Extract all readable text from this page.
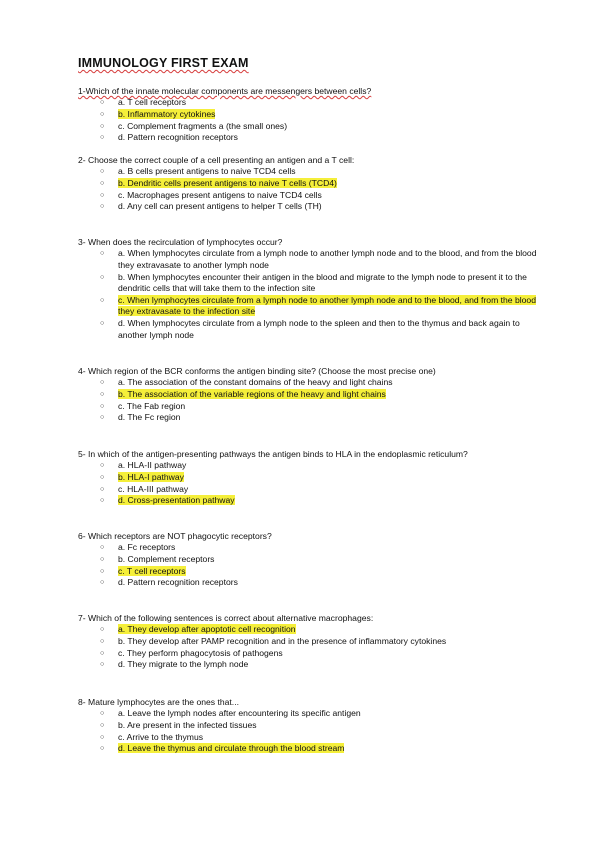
IMMUNOLOGY FIRST EXAM

1-Which of the innate molecular components are messengers between cells?

○ a. T cell receptors
○ b. Inflammatory cytokines
○ c. Complement fragments a (the small ones)
○ d. Pattern recognition receptors

2- Choose the correct couple of a cell presenting an antigen and a T cell:

○ a. B cells present antigens to naive TCD4 cells
○ b. Dendritic cells present antigens to naive T cells (TCD4)
○ c. Macrophages present antigens to naive TCD4 cells
○ d. Any cell can present antigens to helper T cells (TH)

3- When does the recirculation of lymphocytes occur?

○ a. When lymphocytes circulate from a lymph node to another lymph node and to the blood, and from the blood they extravasate to another lymph node
○ b. When lymphocytes encounter their antigen in the blood and migrate to the lymph node to present it to the dendritic cells that will take them to the infection site
○ c. When lymphocytes circulate from a lymph node to another lymph node and to the blood, and from the blood they extravasate to the infection site
○ d. When lymphocytes circulate from a lymph node to the spleen and then to the thymus and back again to another lymph node

4- Which region of the BCR conforms the antigen binding site? (Choose the most precise one)

○ a. The association of the constant domains of the heavy and light chains
○ b. The association of the variable regions of the heavy and light chains
○ c. The Fab region
○ d. The Fc region

5- In which of the antigen-presenting pathways the antigen binds to HLA in the endoplasmic reticulum?

○ a. HLA-II pathway
○ b. HLA-I pathway
○ c. HLA-III pathway
○ d. Cross-presentation pathway

6- Which receptors are NOT phagocytic receptors?

○ a. Fc receptors
○ b. Complement receptors
○ c. T cell receptors
○ d. Pattern recognition receptors

7- Which of the following sentences is correct about alternative macrophages:

○ a. They develop after apoptotic cell recognition
○ b. They develop after PAMP recognition and in the presence of inflammatory cytokines
○ c. They perform phagocytosis of pathogens
○ d. They migrate to the lymph node

8- Mature lymphocytes are the ones that...

○ a. Leave the lymph nodes after encountering its specific antigen
○ b. Are present in the infected tissues
○ c. Arrive to the thymus
○ d. Leave the thymus and circulate through the blood stream
